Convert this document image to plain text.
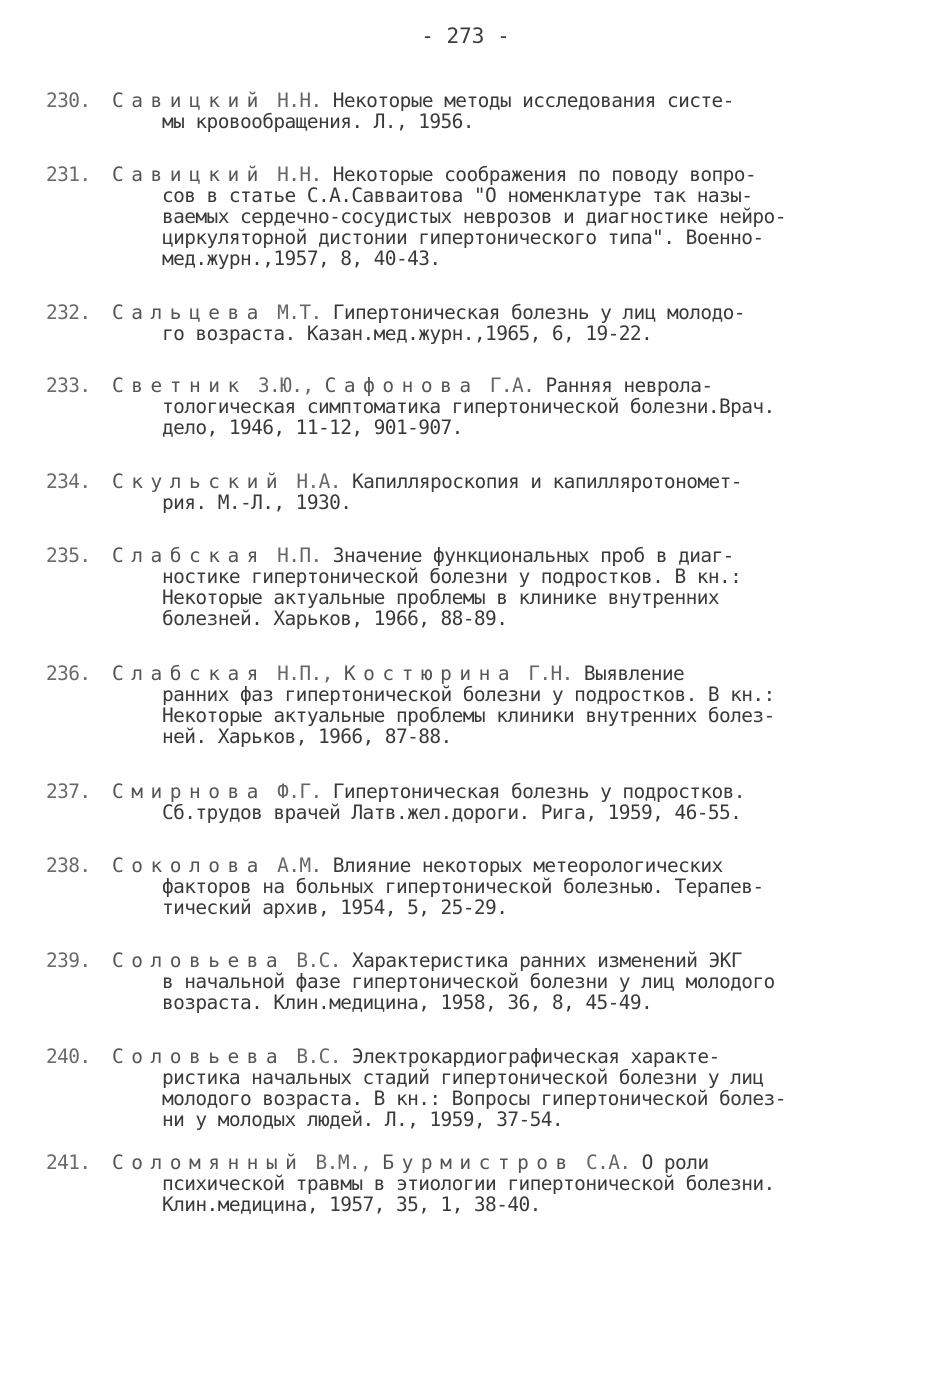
- 273 -
230.	Савицкий Н.Н. Некоторые методы исследования систе-
мы кровообращения. Л., 1956.
231.	Савицкий Н.Н. Некоторые соображения по поводу вопро-
сов в статье С.А.Савваитова "О номенклатуре так назы-
ваемых сердечно-сосудистых неврозов и диагностике нейро-
циркуляторной дистонии гипертонического типа". Военно-
мед.журн.,1957, 8, 40-43.
232.	Сальцева М.Т. Гипертоническая болезнь у лиц молодо-
го возраста. Казан.мед.журн.,1965, 6, 19-22.
233.	Светник З.Ю., Сафонова Г.А. Ранняя неврола-
тологическая симптоматика гипертонической болезни.Врач.
дело, 1946, 11-12, 901-907.
234.	Скульский Н.А. Капилляроскопия и капилляротономет-
рия. М.-Л., 1930.
235.	Слабская Н.П. Значение функциональных проб в диаг-
ностике гипертонической болезни у подростков. В кн.:
Некоторые актуальные проблемы в клинике внутренних
болезней. Харьков, 1966, 88-89.
236.	Слабская Н.П., Костюрина Г.Н. Выявление
ранних фаз гипертонической болезни у подростков. В кн.:
Некоторые актуальные проблемы клиники внутренних болез-
ней. Харьков, 1966, 87-88.
237.	Смирнова Ф.Г. Гипертоническая болезнь у подростков.
Сб.трудов врачей Латв.жел.дороги. Рига, 1959, 46-55.
238.	Соколова А.М. Влияние некоторых метеорологических
факторов на больных гипертонической болезнью. Терапев-
тический архив, 1954, 5, 25-29.
239.	Соловьева В.С. Характеристика ранних изменений ЭКГ
в начальной фазе гипертонической болезни у лиц молодого
возраста. Клин.медицина, 1958, 36, 8, 45-49.
240.	Соловьева В.С. Электрокардиографическая характе-
ристика начальных стадий гипертонической болезни у лиц
молодого возраста. В кн.: Вопросы гипертонической болез-
ни у молодых людей. Л., 1959, 37-54.
241.	Соломянный В.М., Бурмистров С.А. О роли
психической травмы в этиологии гипертонической болезни.
Клин.медицина, 1957, 35, 1, 38-40.
